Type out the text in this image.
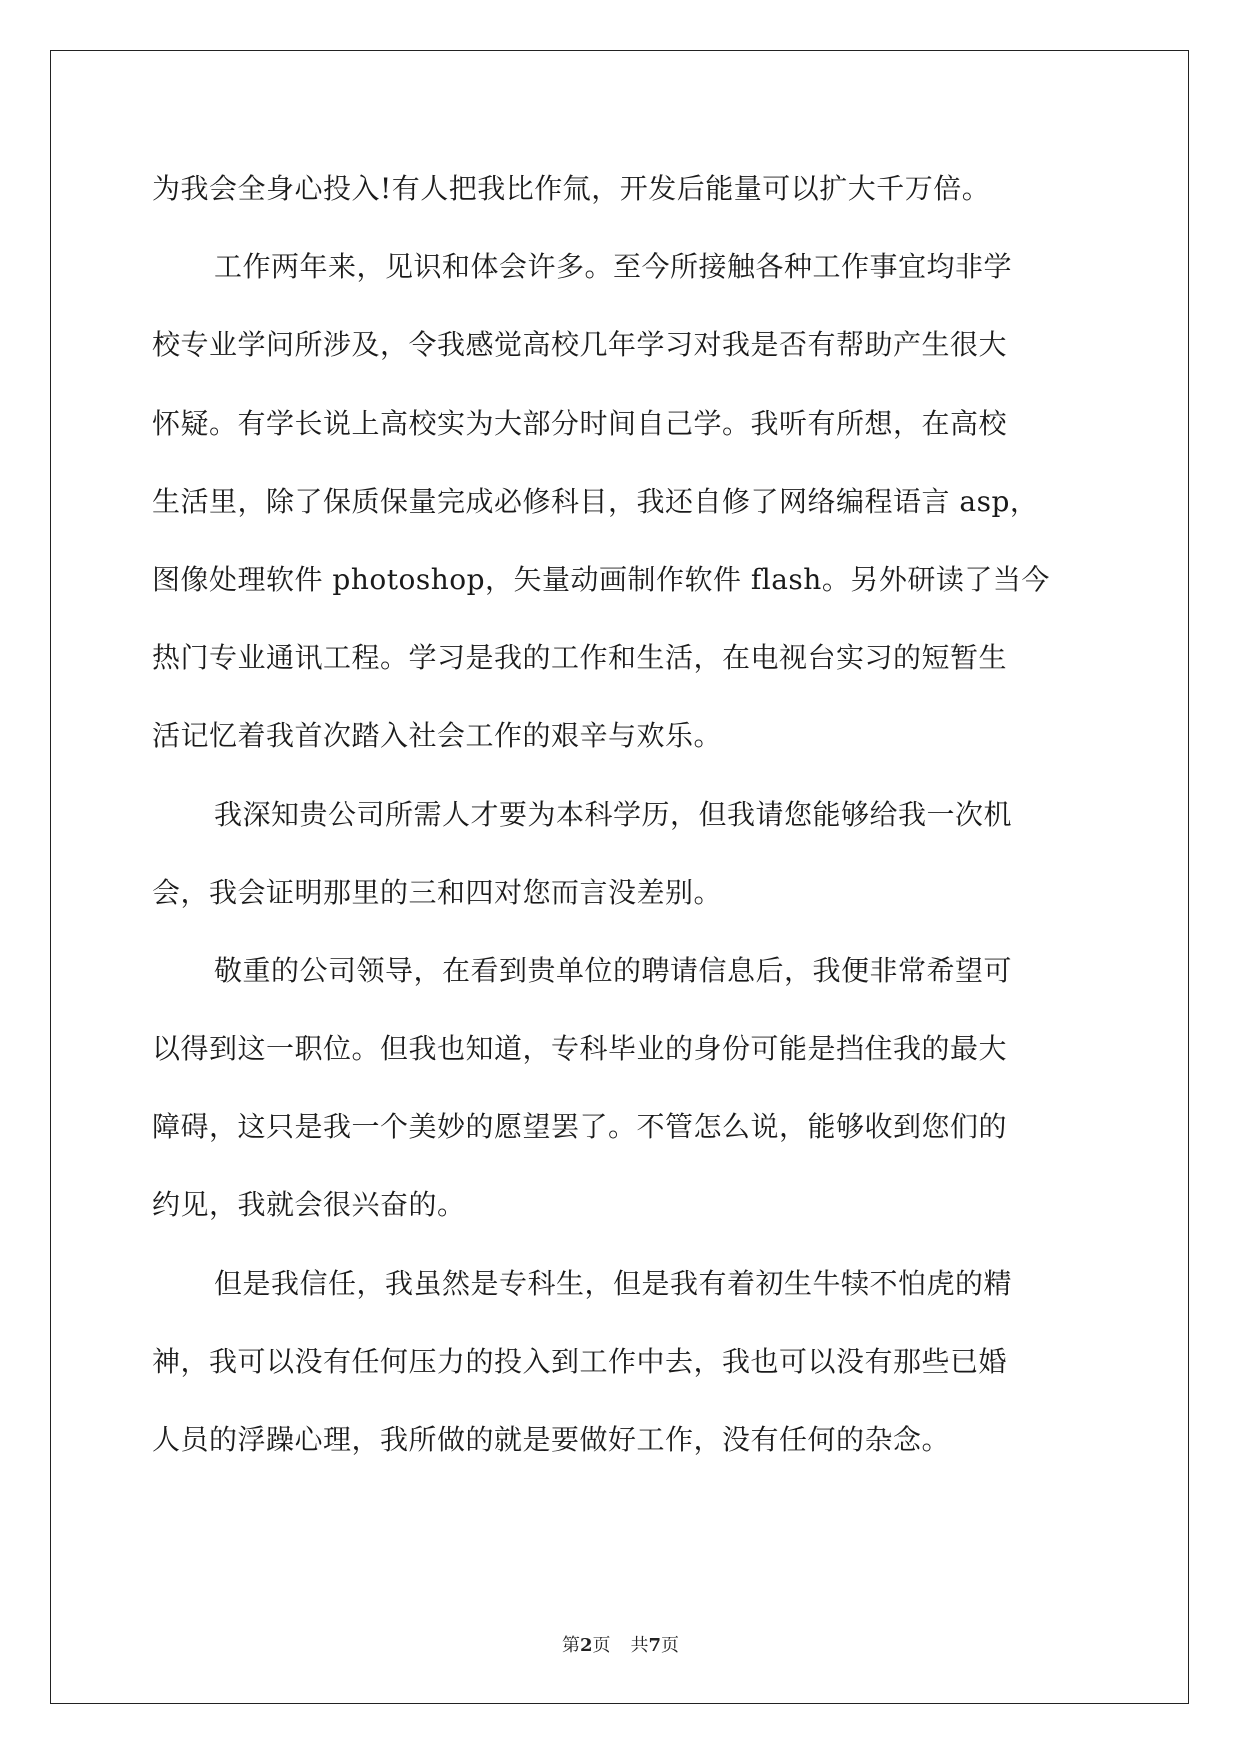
为我会全身心投入!有人把我比作氚，开发后能量可以扩大千万倍。
工作两年来，见识和体会许多。至今所接触各种工作事宜均非学
校专业学问所涉及，令我感觉高校几年学习对我是否有帮助产生很大
怀疑。有学长说上高校实为大部分时间自己学。我听有所想，在高校
生活里，除了保质保量完成必修科目，我还自修了网络编程语言 asp，
图像处理软件 photoshop，矢量动画制作软件 flash。另外研读了当今
热门专业通讯工程。学习是我的工作和生活，在电视台实习的短暂生
活记忆着我首次踏入社会工作的艰辛与欢乐。
我深知贵公司所需人才要为本科学历，但我请您能够给我一次机
会，我会证明那里的三和四对您而言没差别。
敬重的公司领导，在看到贵单位的聘请信息后，我便非常希望可
以得到这一职位。但我也知道，专科毕业的身份可能是挡住我的最大
障碍，这只是我一个美妙的愿望罢了。不管怎么说，能够收到您们的
约见，我就会很兴奋的。
但是我信任，我虽然是专科生，但是我有着初生牛犊不怕虎的精
神，我可以没有任何压力的投入到工作中去，我也可以没有那些已婚
人员的浮躁心理，我所做的就是要做好工作，没有任何的杂念。
第2页 共7页
